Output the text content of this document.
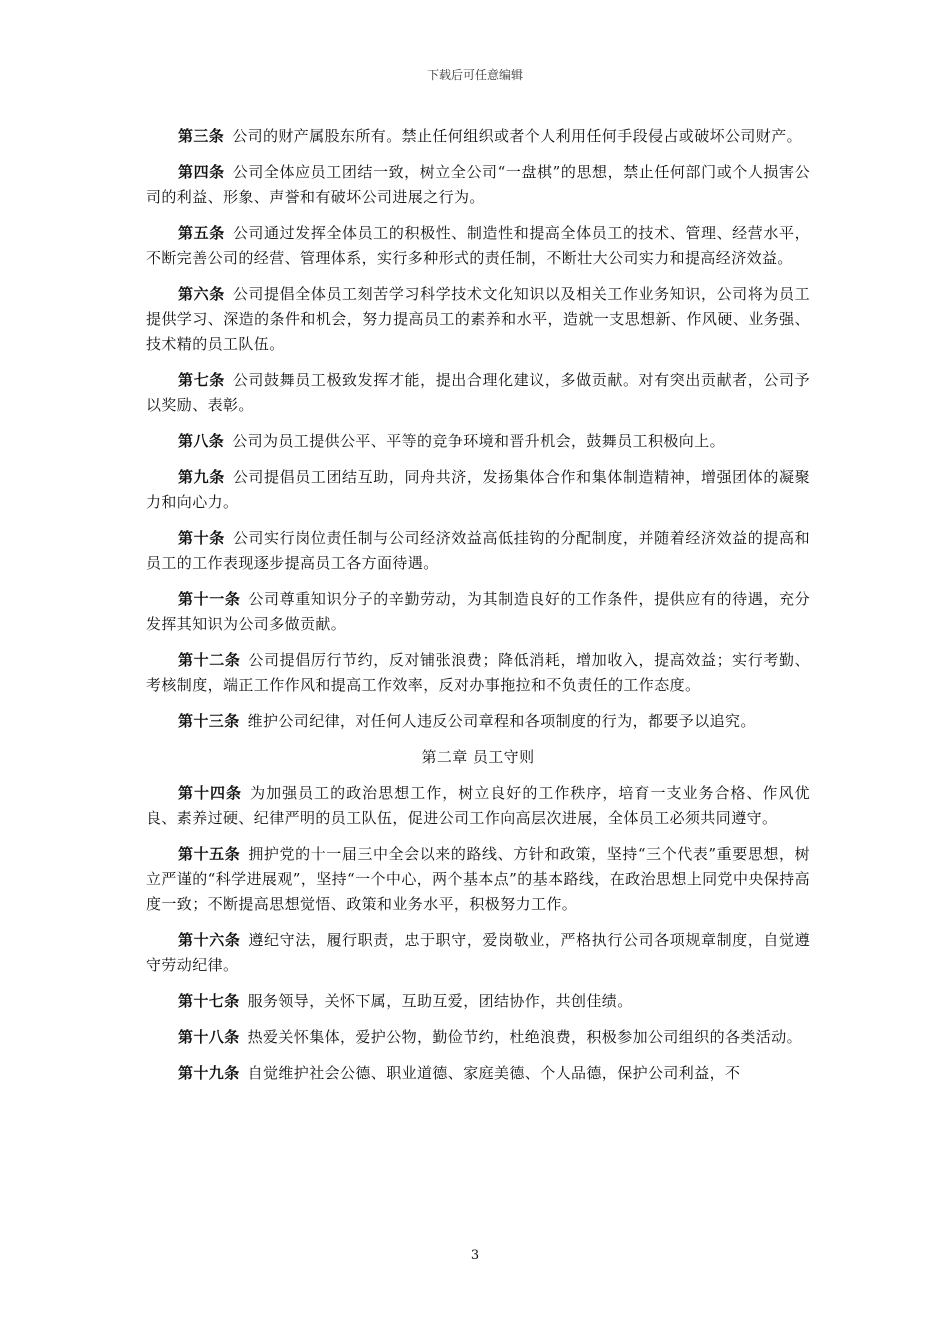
下载后可任意编辑

第三条 公司的财产属股东所有。禁止任何组织或者个人利用任何手段侵占或破坏公司财产。

第四条 公司全体应员工团结一致，树立全公司“一盘棋”的思想，禁止任何部门或个人损害公司的利益、形象、声誉和有破坏公司进展之行为。

第五条 公司通过发挥全体员工的积极性、制造性和提高全体员工的技术、管理、经营水平，不断完善公司的经营、管理体系，实行多种形式的责任制，不断壮大公司实力和提高经济效益。

第六条 公司提倡全体员工刻苦学习科学技术文化知识以及相关工作业务知识，公司将为员工提供学习、深造的条件和机会，努力提高员工的素养和水平，造就一支思想新、作风硬、业务强、技术精的员工队伍。

第七条 公司鼓舞员工极致发挥才能，提出合理化建议，多做贡献。对有突出贡献者，公司予以奖励、表彰。

第八条 公司为员工提供公平、平等的竞争环境和晋升机会，鼓舞员工积极向上。

第九条 公司提倡员工团结互助，同舟共济，发扬集体合作和集体制造精神，增强团体的凝聚力和向心力。

第十条 公司实行岗位责任制与公司经济效益高低挂钩的分配制度，并随着经济效益的提高和员工的工作表现逐步提高员工各方面待遇。

第十一条 公司尊重知识分子的辛勤劳动，为其制造良好的工作条件，提供应有的待遇，充分发挥其知识为公司多做贡献。

第十二条 公司提倡厉行节约，反对铺张浪费；降低消耗，增加收入，提高效益；实行考勤、考核制度，端正工作作风和提高工作效率，反对办事拖拉和不负责任的工作态度。

第十三条 维护公司纪律，对任何人违反公司章程和各项制度的行为，都要予以追究。

第二章 员工守则

第十四条 为加强员工的政治思想工作，树立良好的工作秩序，培育一支业务合格、作风优良、素养过硬、纪律严明的员工队伍，促进公司工作向高层次进展，全体员工必须共同遵守。

第十五条 拥护党的十一届三中全会以来的路线、方针和政策，坚持“三个代表”重要思想，树立严谨的“科学进展观”，坚持“一个中心，两个基本点”的基本路线，在政治思想上同党中央保持高度一致；不断提高思想觉悟、政策和业务水平，积极努力工作。

第十六条 遵纪守法，履行职责，忠于职守，爱岗敬业，严格执行公司各项规章制度，自觉遵守劳动纪律。

第十七条 服务领导，关怀下属，互助互爱，团结协作，共创佳绩。

第十八条 热爱关怀集体，爱护公物，勤俭节约，杜绝浪费，积极参加公司组织的各类活动。

第十九条 自觉维护社会公德、职业道德、家庭美德、个人品德，保护公司利益，不

3
